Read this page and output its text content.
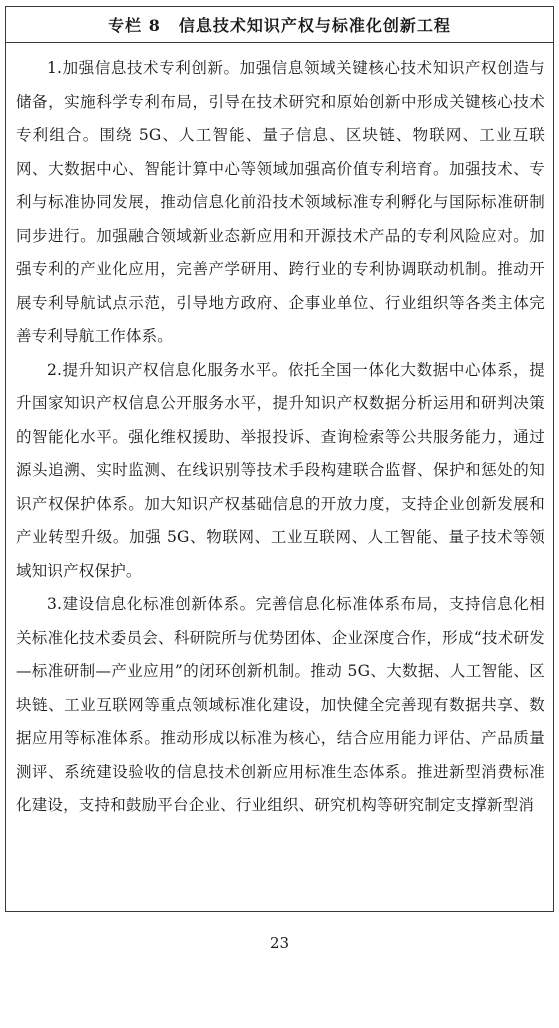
专栏 8 信息技术知识产权与标准化创新工程

1.加强信息技术专利创新。加强信息领域关键核心技术知识产权创造与储备，实施科学专利布局，引导在技术研究和原始创新中形成关键核心技术专利组合。围绕 5G、人工智能、量子信息、区块链、物联网、工业互联网、大数据中心、智能计算中心等领域加强高价值专利培育。加强技术、专利与标准协同发展，推动信息化前沿技术领域标准专利孵化与国际标准研制同步进行。加强融合领域新业态新应用和开源技术产品的专利风险应对。加强专利的产业化应用，完善产学研用、跨行业的专利协调联动机制。推动开展专利导航试点示范，引导地方政府、企事业单位、行业组织等各类主体完善专利导航工作体系。

2.提升知识产权信息化服务水平。依托全国一体化大数据中心体系，提升国家知识产权信息公开服务水平，提升知识产权数据分析运用和研判决策的智能化水平。强化维权援助、举报投诉、查询检索等公共服务能力，通过源头追溯、实时监测、在线识别等技术手段构建联合监督、保护和惩处的知识产权保护体系。加大知识产权基础信息的开放力度，支持企业创新发展和产业转型升级。加强 5G、物联网、工业互联网、人工智能、量子技术等领域知识产权保护。

3.建设信息化标准创新体系。完善信息化标准体系布局，支持信息化相关标准化技术委员会、科研院所与优势团体、企业深度合作，形成“技术研发—标准研制—产业应用”的闭环创新机制。推动 5G、大数据、人工智能、区块链、工业互联网等重点领域标准化建设，加快健全完善现有数据共享、数据应用等标准体系。推动形成以标准为核心，结合应用能力评估、产品质量测评、系统建设验收的信息技术创新应用标准生态体系。推进新型消费标准化建设，支持和鼓励平台企业、行业组织、研究机构等研究制定支撑新型消

23
